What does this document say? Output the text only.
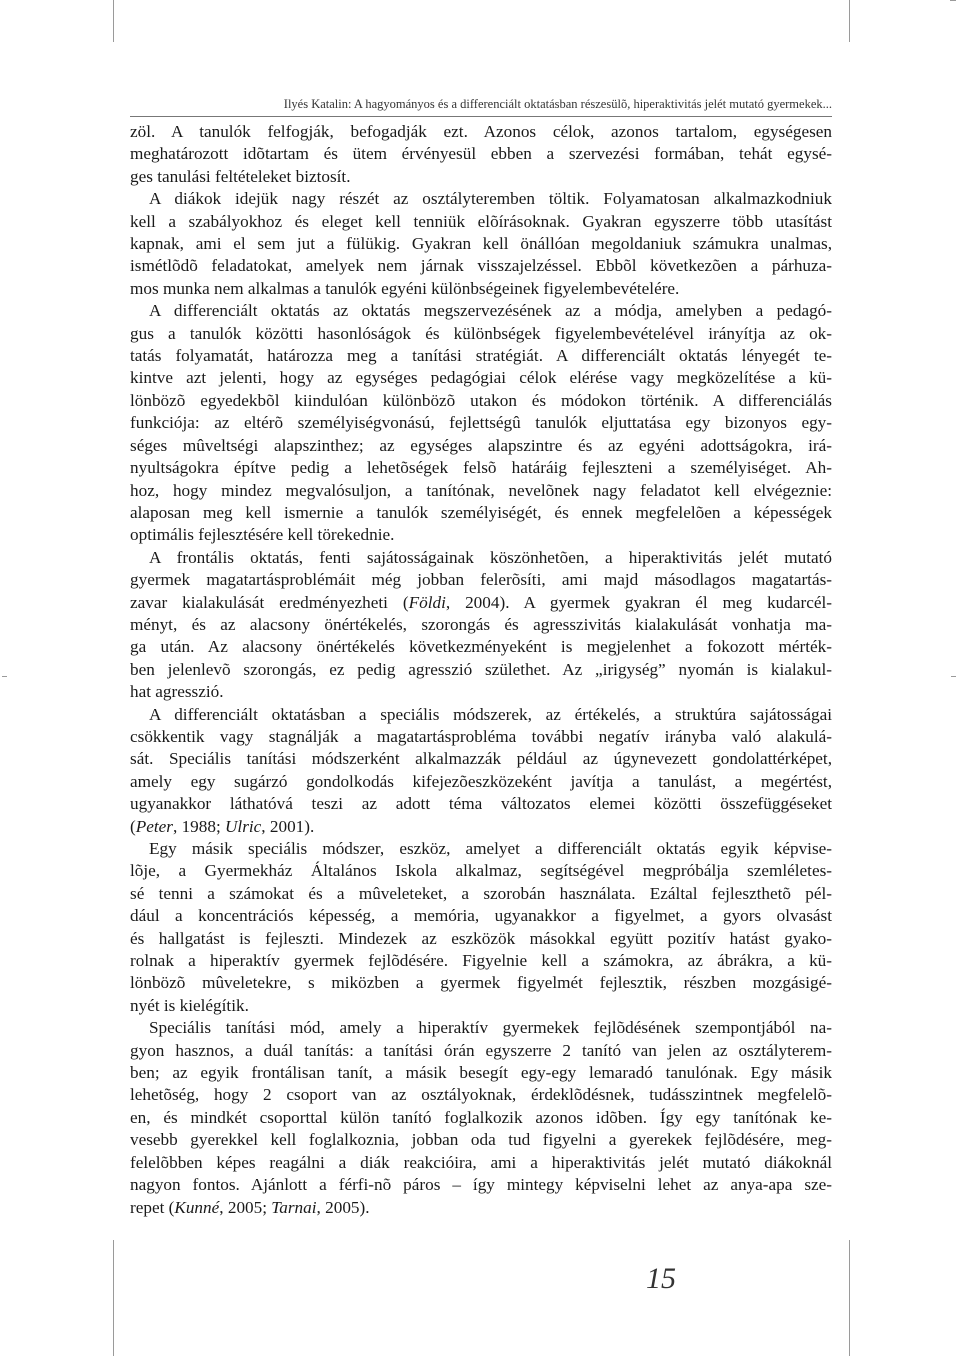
Ilyés Katalin: A hagyományos és a differenciált oktatásban részesülõ, hiperaktivitás jelét mutató gyermekek...

zöl. A tanulók felfogják, befogadják ezt. Azonos célok, azonos tartalom, egységesen
meghatározott idõtartam és ütem érvényesül ebben a szervezési formában, tehát egysé-
ges tanulási feltételeket biztosít.

A diákok idejük nagy részét az osztályteremben töltik. Folyamatosan alkalmazkodniuk
kell a szabályokhoz és eleget kell tenniük elõírásoknak. Gyakran egyszerre több utasítást
kapnak, ami el sem jut a fülükig. Gyakran kell önállóan megoldaniuk számukra unalmas,
ismétlõdõ feladatokat, amelyek nem járnak visszajelzéssel. Ebbõl következõen a párhuza-
mos munka nem alkalmas a tanulók egyéni különbségeinek figyelembevételére.

A differenciált oktatás az oktatás megszervezésének az a módja, amelyben a pedagó-
gus a tanulók közötti hasonlóságok és különbségek figyelembevételével irányítja az ok-
tatás folyamatát, határozza meg a tanítási stratégiát. A differenciált oktatás lényegét te-
kintve azt jelenti, hogy az egységes pedagógiai célok elérése vagy megközelítése a kü-
lönbözõ egyedekbõl kiindulóan különbözõ utakon és módokon történik. A differenciálás
funkciója: az eltérõ személyiségvonású, fejlettségû tanulók eljuttatása egy bizonyos egy-
séges mûveltségi alapszinthez; az egységes alapszintre és az egyéni adottságokra, irá-
nyultságokra építve pedig a lehetõségek felsõ határáig fejleszteni a személyiséget. Ah-
hoz, hogy mindez megvalósuljon, a tanítónak, nevelõnek nagy feladatot kell elvégeznie:
alaposan meg kell ismernie a tanulók személyiségét, és ennek megfelelõen a képességek
optimális fejlesztésére kell törekednie.

A frontális oktatás, fenti sajátosságainak köszönhetõen, a hiperaktivitás jelét mutató
gyermek magatartásproblémáit még jobban felerõsíti, ami majd másodlagos magatartás-
zavar kialakulását eredményezheti (Földi, 2004). A gyermek gyakran él meg kudarcél-
ményt, és az alacsony önértékelés, szorongás és agresszivitás kialakulását vonhatja ma-
ga után. Az alacsony önértékelés következményeként is megjelenhet a fokozott mérték-
ben jelenlevõ szorongás, ez pedig agresszió születhet. Az „irigység” nyomán is kialakul-
hat agresszió.

A differenciált oktatásban a speciális módszerek, az értékelés, a struktúra sajátosságai
csökkentik vagy stagnálják a magatartásprobléma további negatív irányba való alakulá-
sát. Speciális tanítási módszerként alkalmazzák például az úgynevezett gondolattérképet,
amely egy sugárzó gondolkodás kifejezõeszközeként javítja a tanulást, a megértést,
ugyanakkor láthatóvá teszi az adott téma változatos elemei közötti összefüggéseket
(Peter, 1988; Ulric, 2001).

Egy másik speciális módszer, eszköz, amelyet a differenciált oktatás egyik képvise-
lõje, a Gyermekház Általános Iskola alkalmaz, segítségével megpróbálja szemléletes-
sé tenni a számokat és a mûveleteket, a szorobán használata. Ezáltal fejleszthetõ pél-
dául a koncentrációs képesség, a memória, ugyanakkor a figyelmet, a gyors olvasást
és hallgatást is fejleszti. Mindezek az eszközök másokkal együtt pozitív hatást gyako-
rolnak a hiperaktív gyermek fejlõdésére. Figyelnie kell a számokra, az ábrákra, a kü-
lönbözõ mûveletekre, s miközben a gyermek figyelmét fejlesztik, részben mozgásigé-
nyét is kielégítik.

Speciális tanítási mód, amely a hiperaktív gyermekek fejlõdésének szempontjából na-
gyon hasznos, a duál tanítás: a tanítási órán egyszerre 2 tanító van jelen az osztályterem-
ben; az egyik frontálisan tanít, a másik besegít egy-egy lemaradó tanulónak. Egy másik
lehetõség, hogy 2 csoport van az osztályoknak, érdeklõdésnek, tudásszintnek megfelelõ-
en, és mindkét csoporttal külön tanító foglalkozik azonos idõben. Így egy tanítónak ke-
vesebb gyerekkel kell foglalkoznia, jobban oda tud figyelni a gyerekek fejlõdésére, meg-
felelõbben képes reagálni a diák reakcióira, ami a hiperaktivitás jelét mutató diákoknál
nagyon fontos. Ajánlott a férfi-nõ páros – így mintegy képviselni lehet az anya-apa sze-
repet (Kunné, 2005; Tarnai, 2005).

15
